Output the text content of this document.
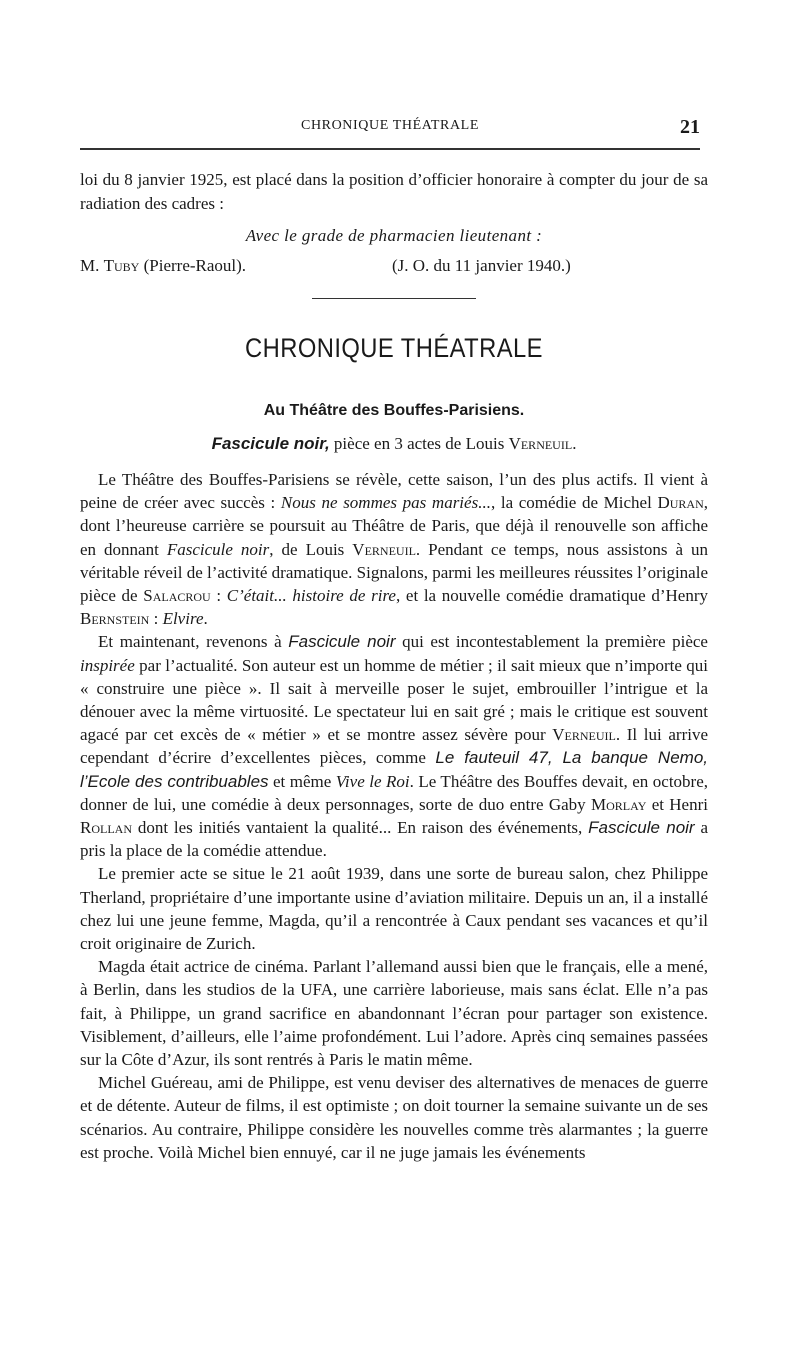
CHRONIQUE THÉATRALE	21

loi du 8 janvier 1925, est placé dans la position d’officier honoraire à compter du jour de sa radiation des cadres :

Avec le grade de pharmacien lieutenant :

M. Tuby (Pierre-Raoul).	(J. O. du 11 janvier 1940.)
CHRONIQUE THÉATRALE
Au Théâtre des Bouffes-Parisiens.
Fascicule noir, pièce en 3 actes de Louis Verneuil.

Le Théâtre des Bouffes-Parisiens se révèle, cette saison, l’un des plus actifs. Il vient à peine de créer avec succès : Nous ne sommes pas mariés..., la comédie de Michel Duran, dont l’heureuse carrière se poursuit au Théâtre de Paris, que déjà il renouvelle son affiche en donnant Fascicule noir, de Louis Verneuil. Pendant ce temps, nous assistons à un véritable réveil de l’activité dramatique. Signalons, parmi les meilleures réussites l’originale pièce de Salacrou : C’était... histoire de rire, et la nouvelle comédie dramatique d’Henry Bernstein : Elvire.

Et maintenant, revenons à Fascicule noir qui est incontestablement la première pièce inspirée par l’actualité. Son auteur est un homme de métier ; il sait mieux que n’importe qui « construire une pièce ». Il sait à merveille poser le sujet, embrouiller l’intrigue et la dénouer avec la même virtuosité. Le spectateur lui en sait gré ; mais le critique est souvent agacé par cet excès de « métier » et se montre assez sévère pour Verneuil. Il lui arrive cependant d’écrire d’excellentes pièces, comme Le fauteuil 47, La banque Nemo, l’Ecole des contribuables et même Vive le Roi. Le Théâtre des Bouffes devait, en octobre, donner de lui, une comédie à deux personnages, sorte de duo entre Gaby Morlay et Henri Rollan dont les initiés vantaient la qualité... En raison des événements, Fascicule noir a pris la place de la comédie attendue.

Le premier acte se situe le 21 août 1939, dans une sorte de bureau salon, chez Philippe Therland, propriétaire d’une importante usine d’aviation militaire. Depuis un an, il a installé chez lui une jeune femme, Magda, qu’il a rencontrée à Caux pendant ses vacances et qu’il croit originaire de Zurich.

Magda était actrice de cinéma. Parlant l’allemand aussi bien que le français, elle a mené, à Berlin, dans les studios de la UFA, une carrière laborieuse, mais sans éclat. Elle n’a pas fait, à Philippe, un grand sacrifice en abandonnant l’écran pour partager son existence. Visiblement, d’ailleurs, elle l’aime profondément. Lui l’adore. Après cinq semaines passées sur la Côte d’Azur, ils sont rentrés à Paris le matin même.

Michel Guéreau, ami de Philippe, est venu deviser des alternatives de menaces de guerre et de détente. Auteur de films, il est optimiste ; on doit tourner la semaine suivante un de ses scénarios. Au contraire, Philippe considère les nouvelles comme très alarmantes ; la guerre est proche. Voilà Michel bien ennuyé, car il ne juge jamais les événements
